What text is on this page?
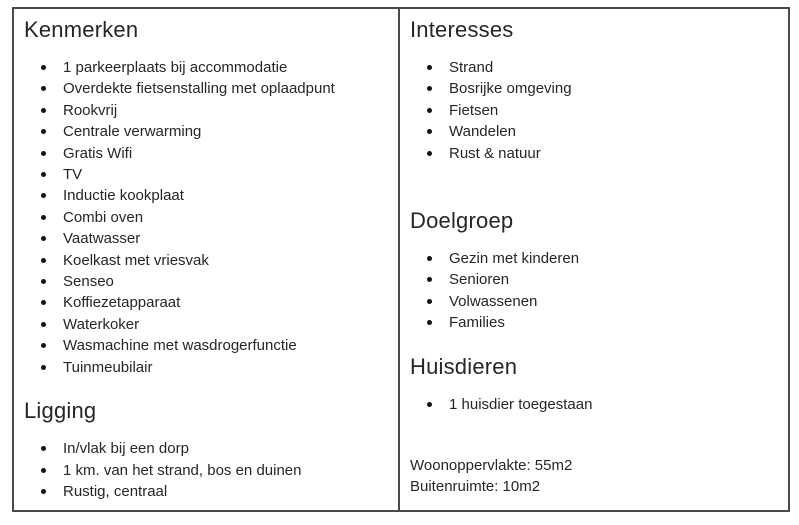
Kenmerken
1 parkeerplaats bij accommodatie
Overdekte fietsenstalling met oplaadpunt
Rookvrij
Centrale verwarming
Gratis Wifi
TV
Inductie kookplaat
Combi oven
Vaatwasser
Koelkast met vriesvak
Senseo
Koffiezetapparaat
Waterkoker
Wasmachine met wasdrogerfunctie
Tuinmeubilair
Ligging
In/vlak bij een dorp
1 km. van het strand, bos en duinen
Rustig, centraal
Interesses
Strand
Bosrijke omgeving
Fietsen
Wandelen
Rust & natuur
Doelgroep
Gezin met kinderen
Senioren
Volwassenen
Families
Huisdieren
1 huisdier toegestaan
Woonoppervlakte: 55m2
Buitenruimte: 10m2
